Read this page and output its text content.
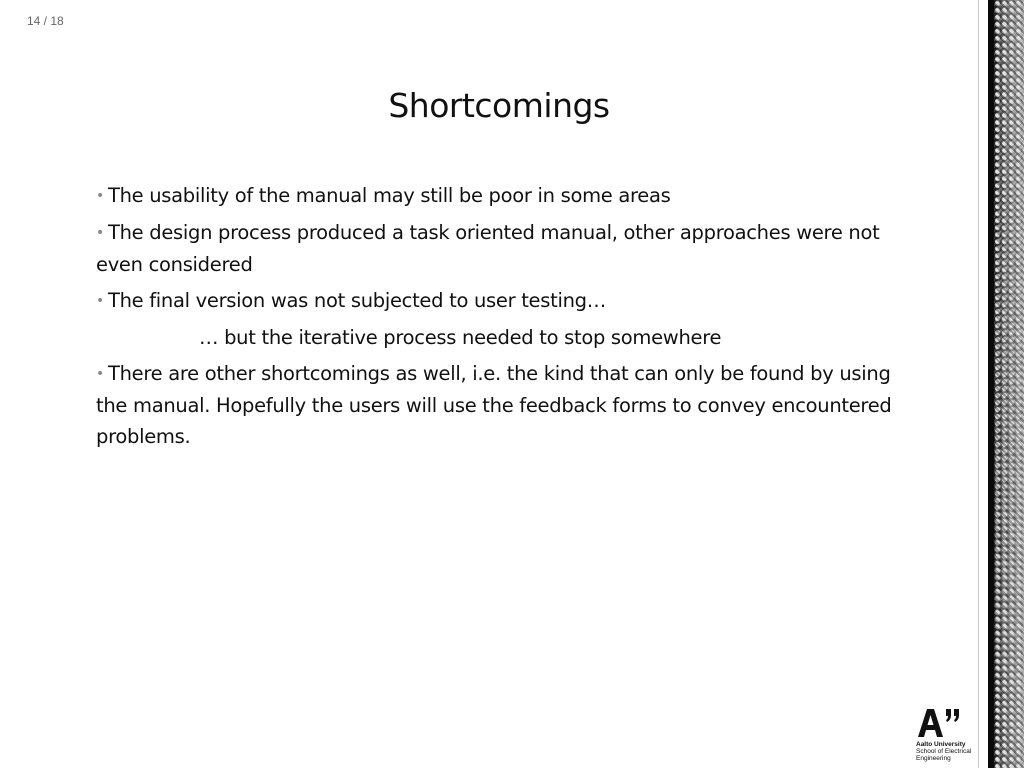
14 / 18
Shortcomings
• The usability of the manual may still be poor in some areas
• The design process produced a task oriented manual, other approaches were not even considered
• The final version was not subjected to user testing…
… but the iterative process needed to stop somewhere
• There are other shortcomings as well, i.e. the kind that can only be found by using the manual. Hopefully the users will use the feedback forms to convey encountered problems.
Aalto University
School of Electrical
Engineering
